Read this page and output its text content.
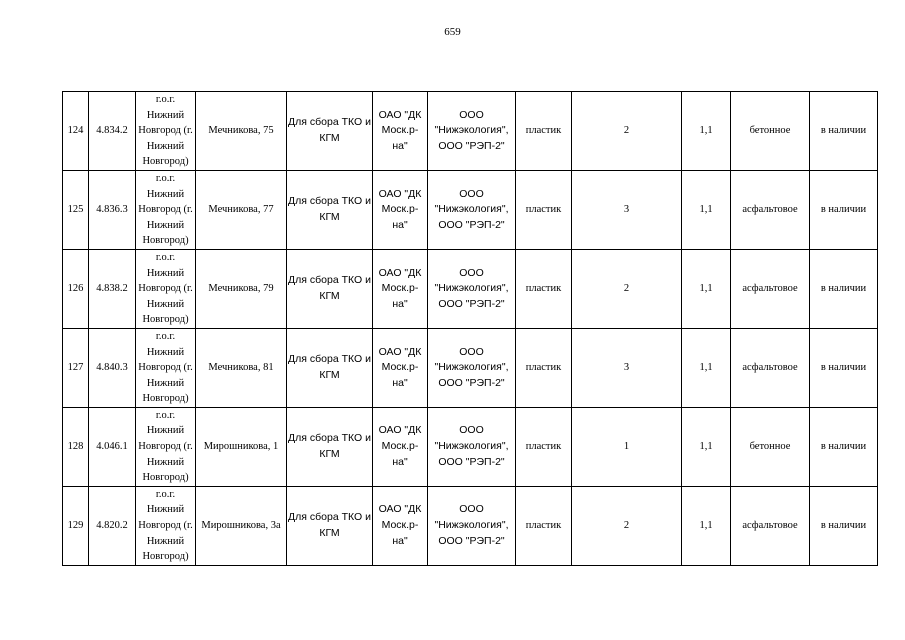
659
124	4.834.2	г.о.г. Нижний Новгород (г. Нижний Новгород)	Мечникова, 75	Для сбора ТКО и КГМ	ОАО "ДК Моск.р-на"	ООО "Нижэкология", ООО "РЭП-2"	пластик	2	1,1	бетонное	в наличии
125	4.836.3	г.о.г. Нижний Новгород (г. Нижний Новгород)	Мечникова, 77	Для сбора ТКО и КГМ	ОАО "ДК Моск.р-на"	ООО "Нижэкология", ООО "РЭП-2"	пластик	3	1,1	асфальтовое	в наличии
126	4.838.2	г.о.г. Нижний Новгород (г. Нижний Новгород)	Мечникова, 79	Для сбора ТКО и КГМ	ОАО "ДК Моск.р-на"	ООО "Нижэкология", ООО "РЭП-2"	пластик	2	1,1	асфальтовое	в наличии
127	4.840.3	г.о.г. Нижний Новгород (г. Нижний Новгород)	Мечникова, 81	Для сбора ТКО и КГМ	ОАО "ДК Моск.р-на"	ООО "Нижэкология", ООО "РЭП-2"	пластик	3	1,1	асфальтовое	в наличии
128	4.046.1	г.о.г. Нижний Новгород (г. Нижний Новгород)	Мирошникова, 1	Для сбора ТКО и КГМ	ОАО "ДК Моск.р-на"	ООО "Нижэкология", ООО "РЭП-2"	пластик	1	1,1	бетонное	в наличии
129	4.820.2	г.о.г. Нижний Новгород (г. Нижний Новгород)	Мирошникова, 3а	Для сбора ТКО и КГМ	ОАО "ДК Моск.р-на"	ООО "Нижэкология", ООО "РЭП-2"	пластик	2	1,1	асфальтовое	в наличии
